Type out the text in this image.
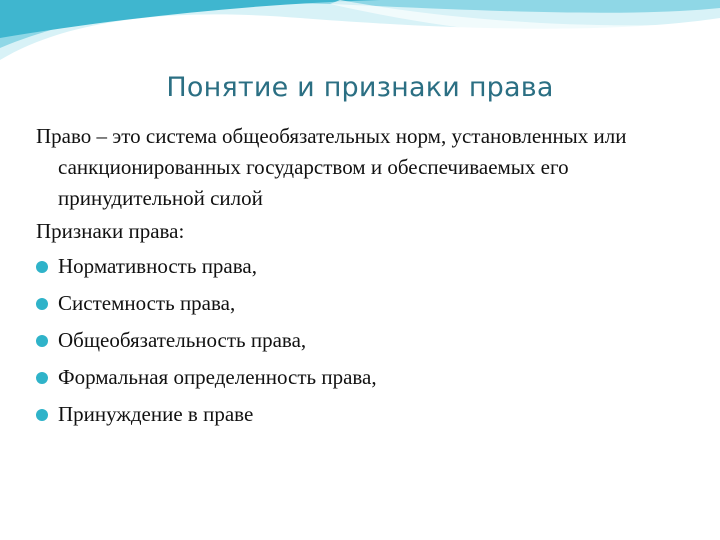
Понятие и признаки права

Право – это система общеобязательных норм, установленных или санкционированных государством и обеспечиваемых его принудительной силой

Признаки права:

Нормативность права,
Системность права,
Общеобязательность права,
Формальная определенность права,
Принуждение в праве
